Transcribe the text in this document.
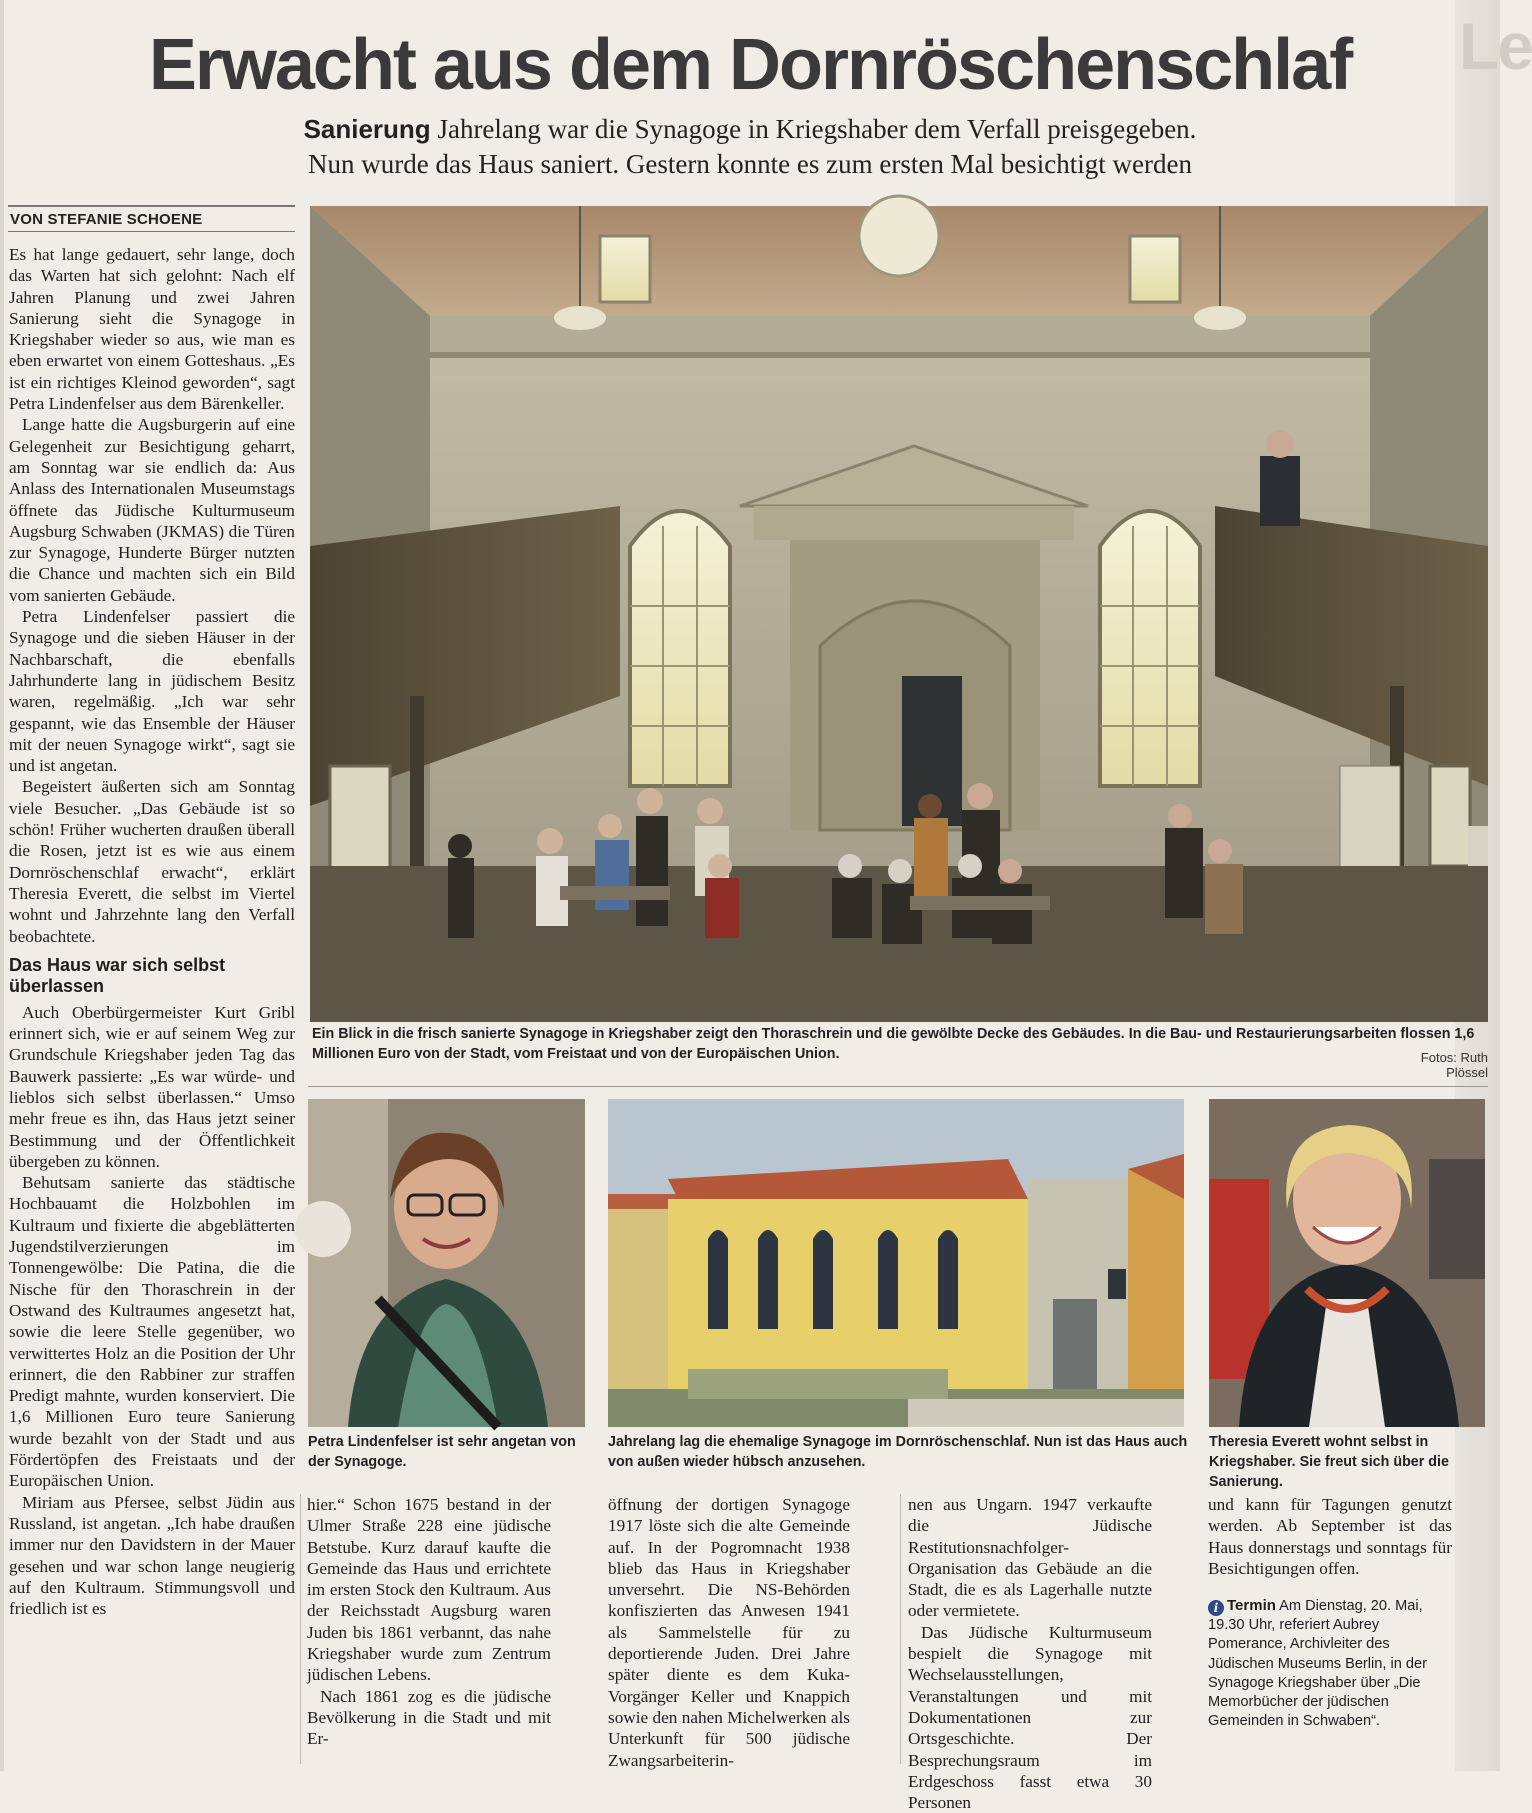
Le
Erwacht aus dem Dornröschenschlaf
Sanierung Jahrelang war die Synagoge in Kriegshaber dem Verfall preisgegeben.
Nun wurde das Haus saniert. Gestern konnte es zum ersten Mal besichtigt werden
VON STEFANIE SCHOENE

Es hat lange gedauert, sehr lange, doch das Warten hat sich gelohnt: Nach elf Jahren Planung und zwei Jahren Sanierung sieht die Synagoge in Kriegshaber wieder so aus, wie man es eben erwartet von einem Gotteshaus. „Es ist ein richtiges Kleinod geworden“, sagt Petra Lindenfelser aus dem Bärenkeller.

Lange hatte die Augsburgerin auf eine Gelegenheit zur Besichtigung geharrt, am Sonntag war sie endlich da: Aus Anlass des Internationalen Museumstags öffnete das Jüdische Kulturmuseum Augsburg Schwaben (JKMAS) die Türen zur Synagoge, Hunderte Bürger nutzten die Chance und machten sich ein Bild vom sanierten Gebäude.

Petra Lindenfelser passiert die Synagoge und die sieben Häuser in der Nachbarschaft, die ebenfalls Jahrhunderte lang in jüdischem Besitz waren, regelmäßig. „Ich war sehr gespannt, wie das Ensemble der Häuser mit der neuen Synagoge wirkt“, sagt sie und ist angetan.

Begeistert äußerten sich am Sonntag viele Besucher. „Das Gebäude ist so schön! Früher wucherten draußen überall die Rosen, jetzt ist es wie aus einem Dornröschenschlaf erwacht“, erklärt Theresia Everett, die selbst im Viertel wohnt und Jahrzehnte lang den Verfall beobachtete.

Das Haus war sich selbst überlassen

Auch Oberbürgermeister Kurt Gribl erinnert sich, wie er auf seinem Weg zur Grundschule Kriegshaber jeden Tag das Bauwerk passierte: „Es war würde- und lieblos sich selbst überlassen.“ Umso mehr freue es ihn, das Haus jetzt seiner Bestimmung und der Öffentlichkeit übergeben zu können.

Behutsam sanierte das städtische Hochbauamt die Holzbohlen im Kultraum und fixierte die abgeblätterten Jugendstilverzierungen im Tonnengewölbe: Die Patina, die die Nische für den Thoraschrein in der Ostwand des Kultraumes angesetzt hat, sowie die leere Stelle gegenüber, wo verwittertes Holz an die Position der Uhr erinnert, die den Rabbiner zur straffen Predigt mahnte, wurden konserviert. Die 1,6 Millionen Euro teure Sanierung wurde bezahlt von der Stadt und aus Fördertöpfen des Freistaats und der Europäischen Union.

Miriam aus Pfersee, selbst Jüdin aus Russland, ist angetan. „Ich habe draußen immer nur den Davidstern in der Mauer gesehen und war schon lange neugierig auf den Kultraum. Stimmungsvoll und friedlich ist es

Ein Blick in die frisch sanierte Synagoge in Kriegshaber zeigt den Thoraschrein und die gewölbte Decke des Gebäudes. In die Bau- und Restaurierungsarbeiten flossen 1,6 Millionen Euro von der Stadt, vom Freistaat und von der Europäischen Union.	Fotos: Ruth Plössel
Petra Lindenfelser ist sehr angetan von der Synagoge.
Jahrelang lag die ehemalige Synagoge im Dornröschenschlaf. Nun ist das Haus auch von außen wieder hübsch anzusehen.
Theresia Everett wohnt selbst in Kriegshaber. Sie freut sich über die Sanierung.

hier.“ Schon 1675 bestand in der Ulmer Straße 228 eine jüdische Betstube. Kurz darauf kaufte die Gemeinde das Haus und errichtete im ersten Stock den Kultraum. Aus der Reichsstadt Augsburg waren Juden bis 1861 verbannt, das nahe Kriegshaber wurde zum Zentrum jüdischen Lebens.

Nach 1861 zog es die jüdische Bevölkerung in die Stadt und mit Er-

öffnung der dortigen Synagoge 1917 löste sich die alte Gemeinde auf. In der Pogromnacht 1938 blieb das Haus in Kriegshaber unversehrt. Die NS-Behörden konfiszierten das Anwesen 1941 als Sammelstelle für zu deportierende Juden. Drei Jahre später diente es dem Kuka-Vorgänger Keller und Knappich sowie den nahen Michelwerken als Unterkunft für 500 jüdische Zwangsarbeiterin-

nen aus Ungarn. 1947 verkaufte die Jüdische Restitutionsnachfolger-Organisation das Gebäude an die Stadt, die es als Lagerhalle nutzte oder vermietete.

Das Jüdische Kulturmuseum bespielt die Synagoge mit Wechselausstellungen, Veranstaltungen und mit Dokumentationen zur Ortsgeschichte. Der Besprechungsraum im Erdgeschoss fasst etwa 30 Personen

und kann für Tagungen genutzt werden. Ab September ist das Haus donnerstags und sonntags für Besichtigungen offen.

i Termin Am Dienstag, 20. Mai, 19.30 Uhr, referiert Aubrey Pomerance, Archivleiter des Jüdischen Museums Berlin, in der Synagoge Kriegshaber über „Die Memorbücher der jüdischen Gemeinden in Schwaben“.
